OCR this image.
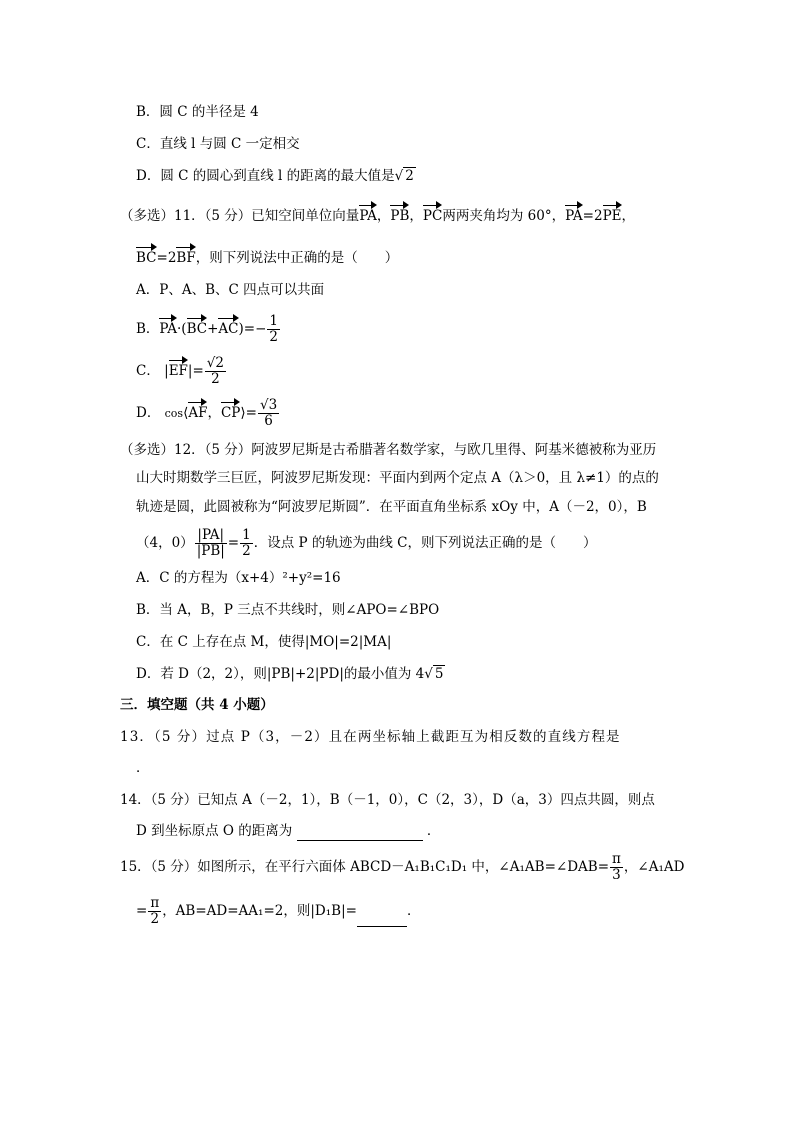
B．圆 C 的半径是 4
C．直线 l 与圆 C 一定相交
D．圆 C 的圆心到直线 l 的距离的最大值是√ 2
（多选）11．（5 分）已知空间单位向量PA，PB，PC两两夹角均为 60°，PA=2PE，
BC=2BF，则下列说法中正确的是（　　）
A．P、A、B、C 四点可以共面
B．$PA\cdot(BC+AC)=- \frac{1}{2}$
C． $|EF|= \frac{√2}{2}$
D． cos⟨AF，CP⟩= $\frac{√3}{6}$
（多选）12．（5 分）阿波罗尼斯是古希腊著名数学家，与欧几里得、阿基米德被称为亚历
山大时期数学三巨匠，阿波罗尼斯发现：平面内到两个定点 A（λ＞0，且 λ≠1）的点的
轨迹是圆，此圆被称为“阿波罗尼斯圆”．在平面直角坐标系 xOy 中，A（－2，0），B
（4，$0) \frac{|PA|}{|PB|} = \frac{1}{2}$ ．设点 P 的轨迹为曲线 C，则下列说法正确的是（　　）
A．C 的方程为（x+4）²+y²=16
B．当 A，B，P 三点不共线时，则∠APO=∠BPO
C．在 C 上存在点 M，使得|MO|=2|MA|
D．若 D（2，2），则|PB|+2|PD|的最小值为 4√ 5
三．填空题（共 4 小题）
13．（5 分）过点 P（3，－2）且在两坐标轴上截距互为相反数的直线方程是
．
14．（5 分）已知点 A（－2，1），B（－1，0），C（2，3），D（a，3）四点共圆，则点
D 到坐标原点 O 的距离为	．
15．（5 分）如图所示，在平行六面体 ABCD－A₁B₁C₁D₁ 中，∠A₁AB=∠DAB= $\frac{\pi}{3}$ ，∠A₁AD
= $\frac{\pi}{2}$ ，AB=AD=AA₁=2，则|D₁B|=	．
